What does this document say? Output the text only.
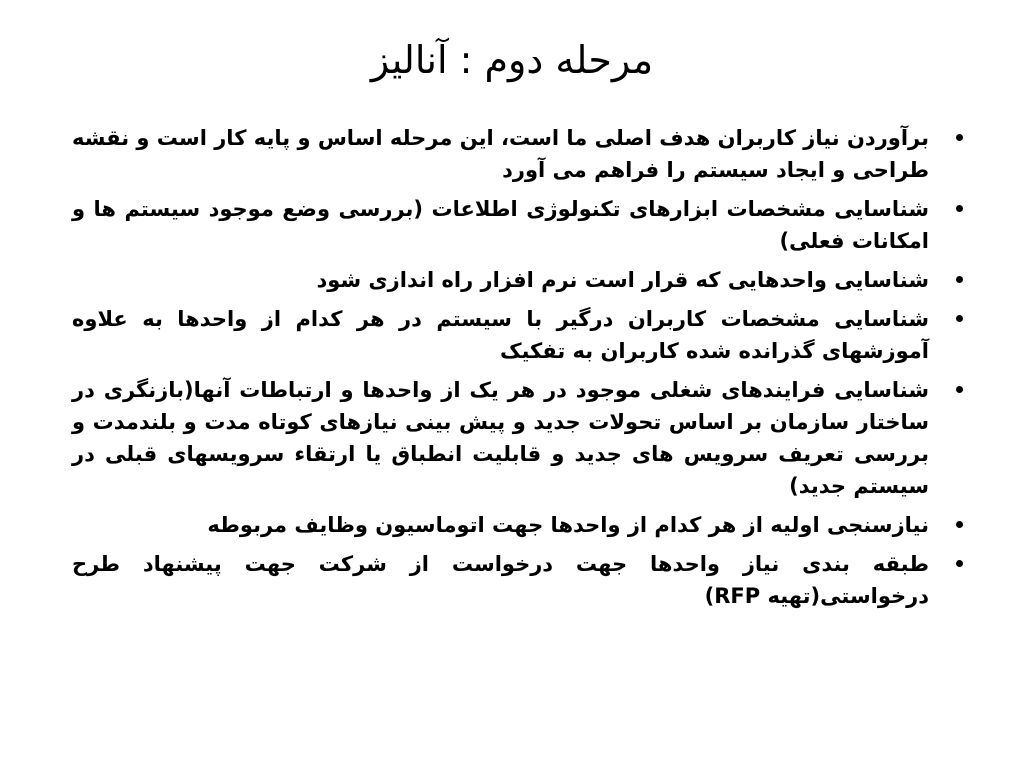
مرحله دوم : آنالیز
برآوردن نیاز کاربران هدف اصلی ما است، این مرحله اساس و پایه کار است و نقشه طراحی و ایجاد سیستم را فراهم می آورد
شناسایی مشخصات ابزارهای تکنولوژی اطلاعات (بررسی وضع موجود سیستم ها و امکانات فعلی)
شناسایی واحدهایی که قرار است نرم افزار راه اندازی شود
شناسایی مشخصات کاربران درگیر با سیستم در هر کدام از واحدها به علاوه آموزشهای گذرانده شده کاربران به تفکیک
شناسایی فرایندهای شغلی موجود در هر یک از واحدها و ارتباطات آنها(بازنگری در ساختار سازمان بر اساس تحولات جدید و پیش بینی نیازهای کوتاه مدت و بلندمدت و بررسی تعریف سرویس های جدید و قابلیت انطباق یا ارتقاء سرویسهای قبلی در سیستم جدید)
نیازسنجی اولیه از هر کدام از واحدها جهت اتوماسیون وظایف مربوطه
طبقه بندی نیاز واحدها جهت درخواست از شرکت جهت پیشنهاد طرح درخواستی(تهیه RFP)
